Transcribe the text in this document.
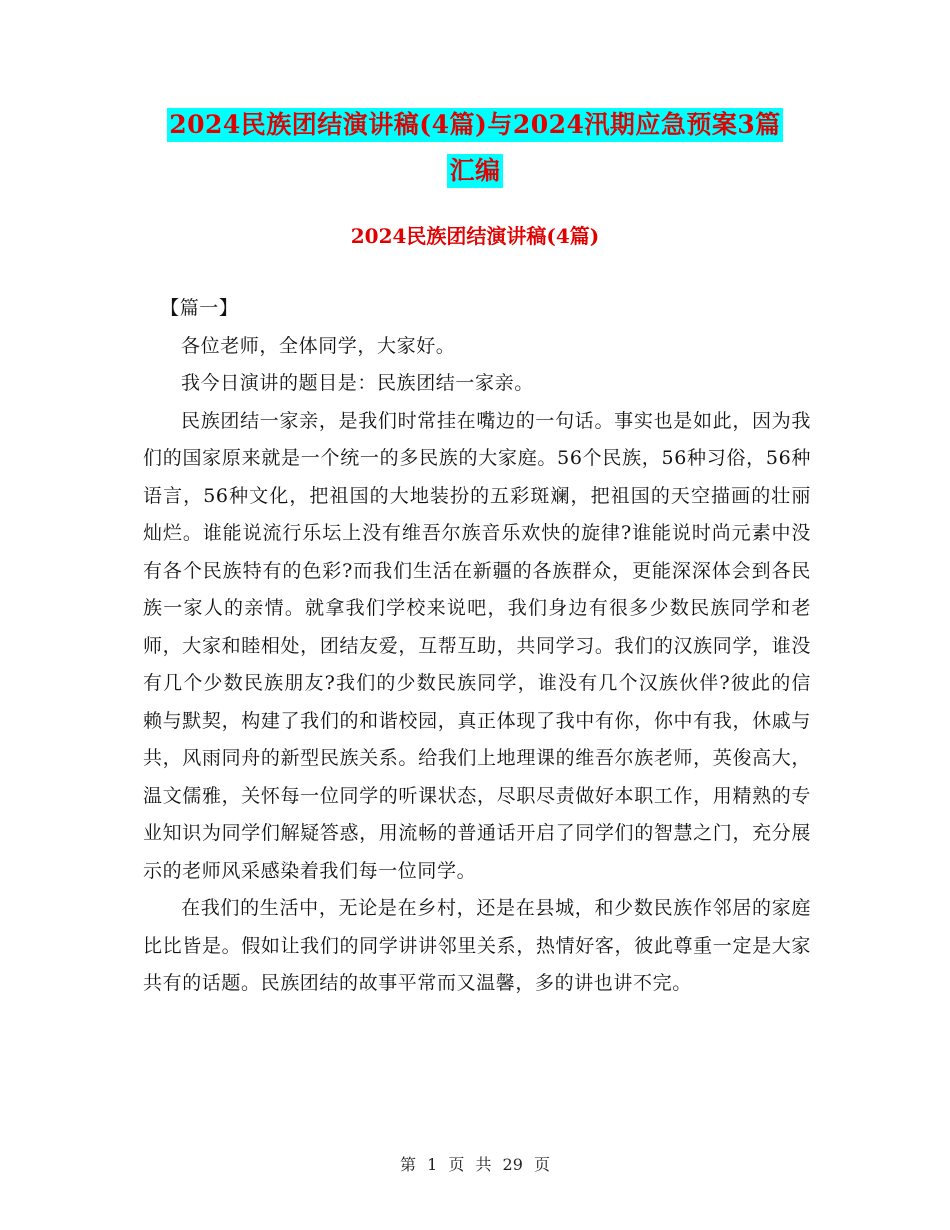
2024民族团结演讲稿(4篇)与2024汛期应急预案3篇
汇编
2024民族团结演讲稿(4篇)

【篇一】

各位老师，全体同学，大家好。

我今日演讲的题目是：民族团结一家亲。

民族团结一家亲，是我们时常挂在嘴边的一句话。事实也是如此，因为我们的国家原来就是一个统一的多民族的大家庭。56个民族，56种习俗，56种语言，56种文化，把祖国的大地装扮的五彩斑斓，把祖国的天空描画的壮丽灿烂。谁能说流行乐坛上没有维吾尔族音乐欢快的旋律?谁能说时尚元素中没有各个民族特有的色彩?而我们生活在新疆的各族群众，更能深深体会到各民族一家人的亲情。就拿我们学校来说吧，我们身边有很多少数民族同学和老师，大家和睦相处，团结友爱，互帮互助，共同学习。我们的汉族同学，谁没有几个少数民族朋友?我们的少数民族同学，谁没有几个汉族伙伴?彼此的信赖与默契，构建了我们的和谐校园，真正体现了我中有你，你中有我，休戚与共，风雨同舟的新型民族关系。给我们上地理课的维吾尔族老师，英俊高大，温文儒雅，关怀每一位同学的听课状态，尽职尽责做好本职工作，用精熟的专业知识为同学们解疑答惑，用流畅的普通话开启了同学们的智慧之门，充分展示的老师风采感染着我们每一位同学。

在我们的生活中，无论是在乡村，还是在县城，和少数民族作邻居的家庭比比皆是。假如让我们的同学讲讲邻里关系，热情好客，彼此尊重一定是大家共有的话题。民族团结的故事平常而又温馨，多的讲也讲不完。

第 1 页 共 29 页
